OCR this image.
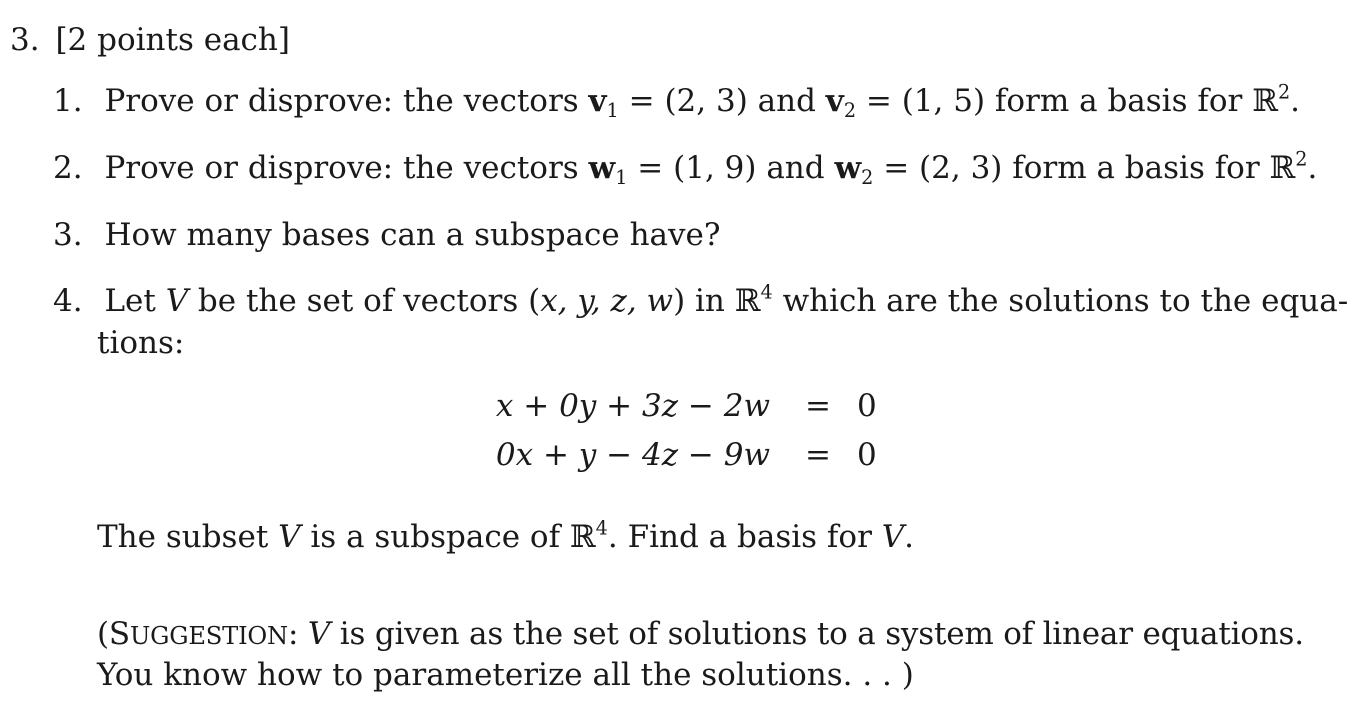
3. [2 points each]
1. Prove or disprove: the vectors $v_1 = (2$, 3) and $v_2 = (1$, 5) form a basis for ℝ$^2$.
2. Prove or disprove: the vectors $w_1 = (1$, 9) and $w_2 = (2$, 3) form a basis for ℝ$^2$.
3. How many bases can a subspace have?
4. Let V be the set of vectors (x, y, z, w) in ℝ$^4$ which are the solutions to the equa-
tions:
x + 0y + 3z − 2w = 0
0x + y − 4z − 9w = 0
The subset V is a subspace of ℝ$^4$. Find a basis for V.
(SUGGESTION: V is given as the set of solutions to a system of linear equations.
You know how to parameterize all the solutions. . . )
